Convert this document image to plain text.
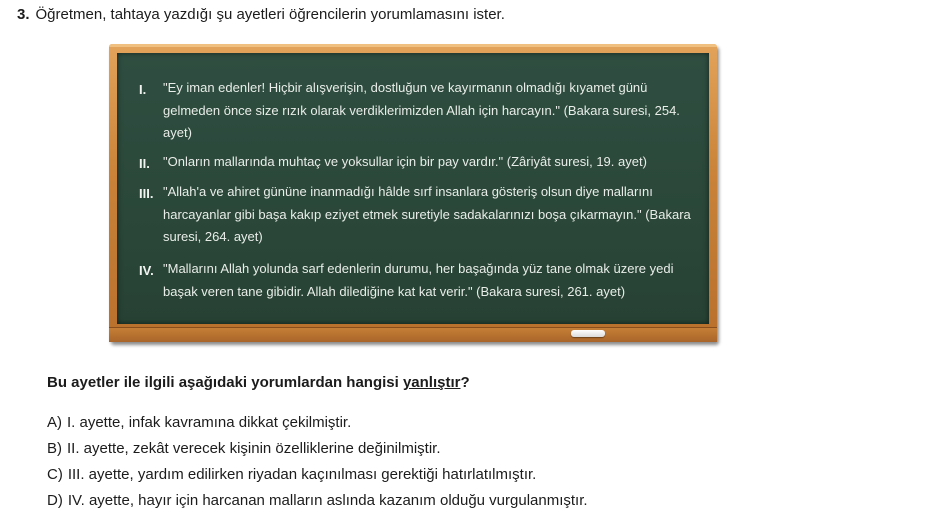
3. Öğretmen, tahtaya yazdığı şu ayetleri öğrencilerin yorumlamasını ister.
I. "Ey iman edenler! Hiçbir alışverişin, dostluğun ve kayırmanın olmadığı kıyamet günü gelmeden önce size rızık olarak verdiklerimizden Allah için harcayın." (Bakara suresi, 254. ayet)
II. "Onların mallarında muhtaç ve yoksullar için bir pay vardır." (Zâriyât suresi, 19. ayet)
III. "Allah'a ve ahiret gününe inanmadığı hâlde sırf insanlara gösteriş olsun diye mallarını harcayanlar gibi başa kakıp eziyet etmek suretiyle sadakalarınızı boşa çıkarmayın." (Bakara suresi, 264. ayet)
IV. "Mallarını Allah yolunda sarf edenlerin durumu, her başağında yüz tane olmak üzere yedi başak veren tane gibidir. Allah dilediğine kat kat verir." (Bakara suresi, 261. ayet)
Bu ayetler ile ilgili aşağıdaki yorumlardan hangisi yanlıştır?
A) I. ayette, infak kavramına dikkat çekilmiştir.
B) II. ayette, zekât verecek kişinin özelliklerine değinilmiştir.
C) III. ayette, yardım edilirken riyadan kaçınılması gerektiği hatırlatılmıştır.
D) IV. ayette, hayır için harcanan malların aslında kazanım olduğu vurgulanmıştır.
